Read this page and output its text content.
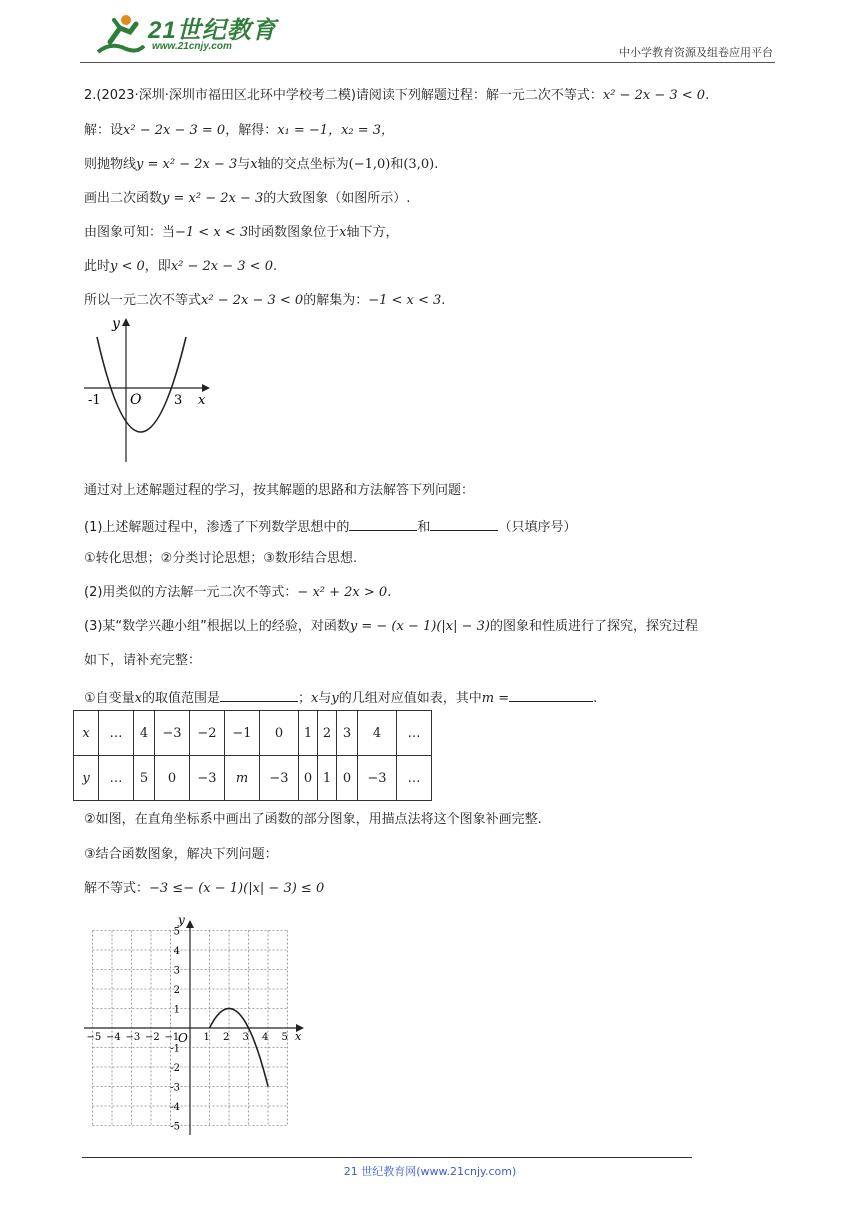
21世纪教育
www.21cnjy.com	中小学教育资源及组卷应用平台
2.(2023·深圳·深圳市福田区北环中学校考二模)请阅读下列解题过程：解一元二次不等式：x² − 2x − 3 < 0.
解：设x² − 2x − 3 = 0，解得：x₁ = −1，x₂ = 3，
则抛物线y = x² − 2x − 3与x轴的交点坐标为(−1,0)和(3,0).
画出二次函数y = x² − 2x − 3的大致图象（如图所示）.
由图象可知：当−1 < x < 3时函数图象位于x轴下方，
此时y < 0，即x² − 2x − 3 < 0.
所以一元二次不等式x² − 2x − 3 < 0的解集为：−1 < x < 3.
y
x
O
-1	3
通过对上述解题过程的学习，按其解题的思路和方法解答下列问题：
(1)上述解题过程中，渗透了下列数学思想中的	和	（只填序号）
①转化思想；②分类讨论思想；③数形结合思想.
(2)用类似的方法解一元二次不等式：− x² + 2x > 0.
(3)某“数学兴趣小组”根据以上的经验，对函数y = − (x − 1)(|x| − 3)的图象和性质进行了探究，探究过程
如下，请补充完整：
①自变量x的取值范围是	；x与y的几组对应值如表，其中m =	.
x	…	4	−3	−2	−1	0	1	2	3	4	…
y	…	5	0	−3	m	−3	0	1	0	−3	…
②如图，在直角坐标系中画出了函数的部分图象，用描点法将这个图象补画完整.
③结合函数图象，解决下列问题：
解不等式：−3 ≤− (x − 1)(|x| − 3) ≤ 0
−5 −4 −3 −2 −1 1 2 3 4 5
5
4
3
2
1
-1
-2
-3
-4
-5
y
x
O
21 世纪教育网(www.21cnjy.com)
